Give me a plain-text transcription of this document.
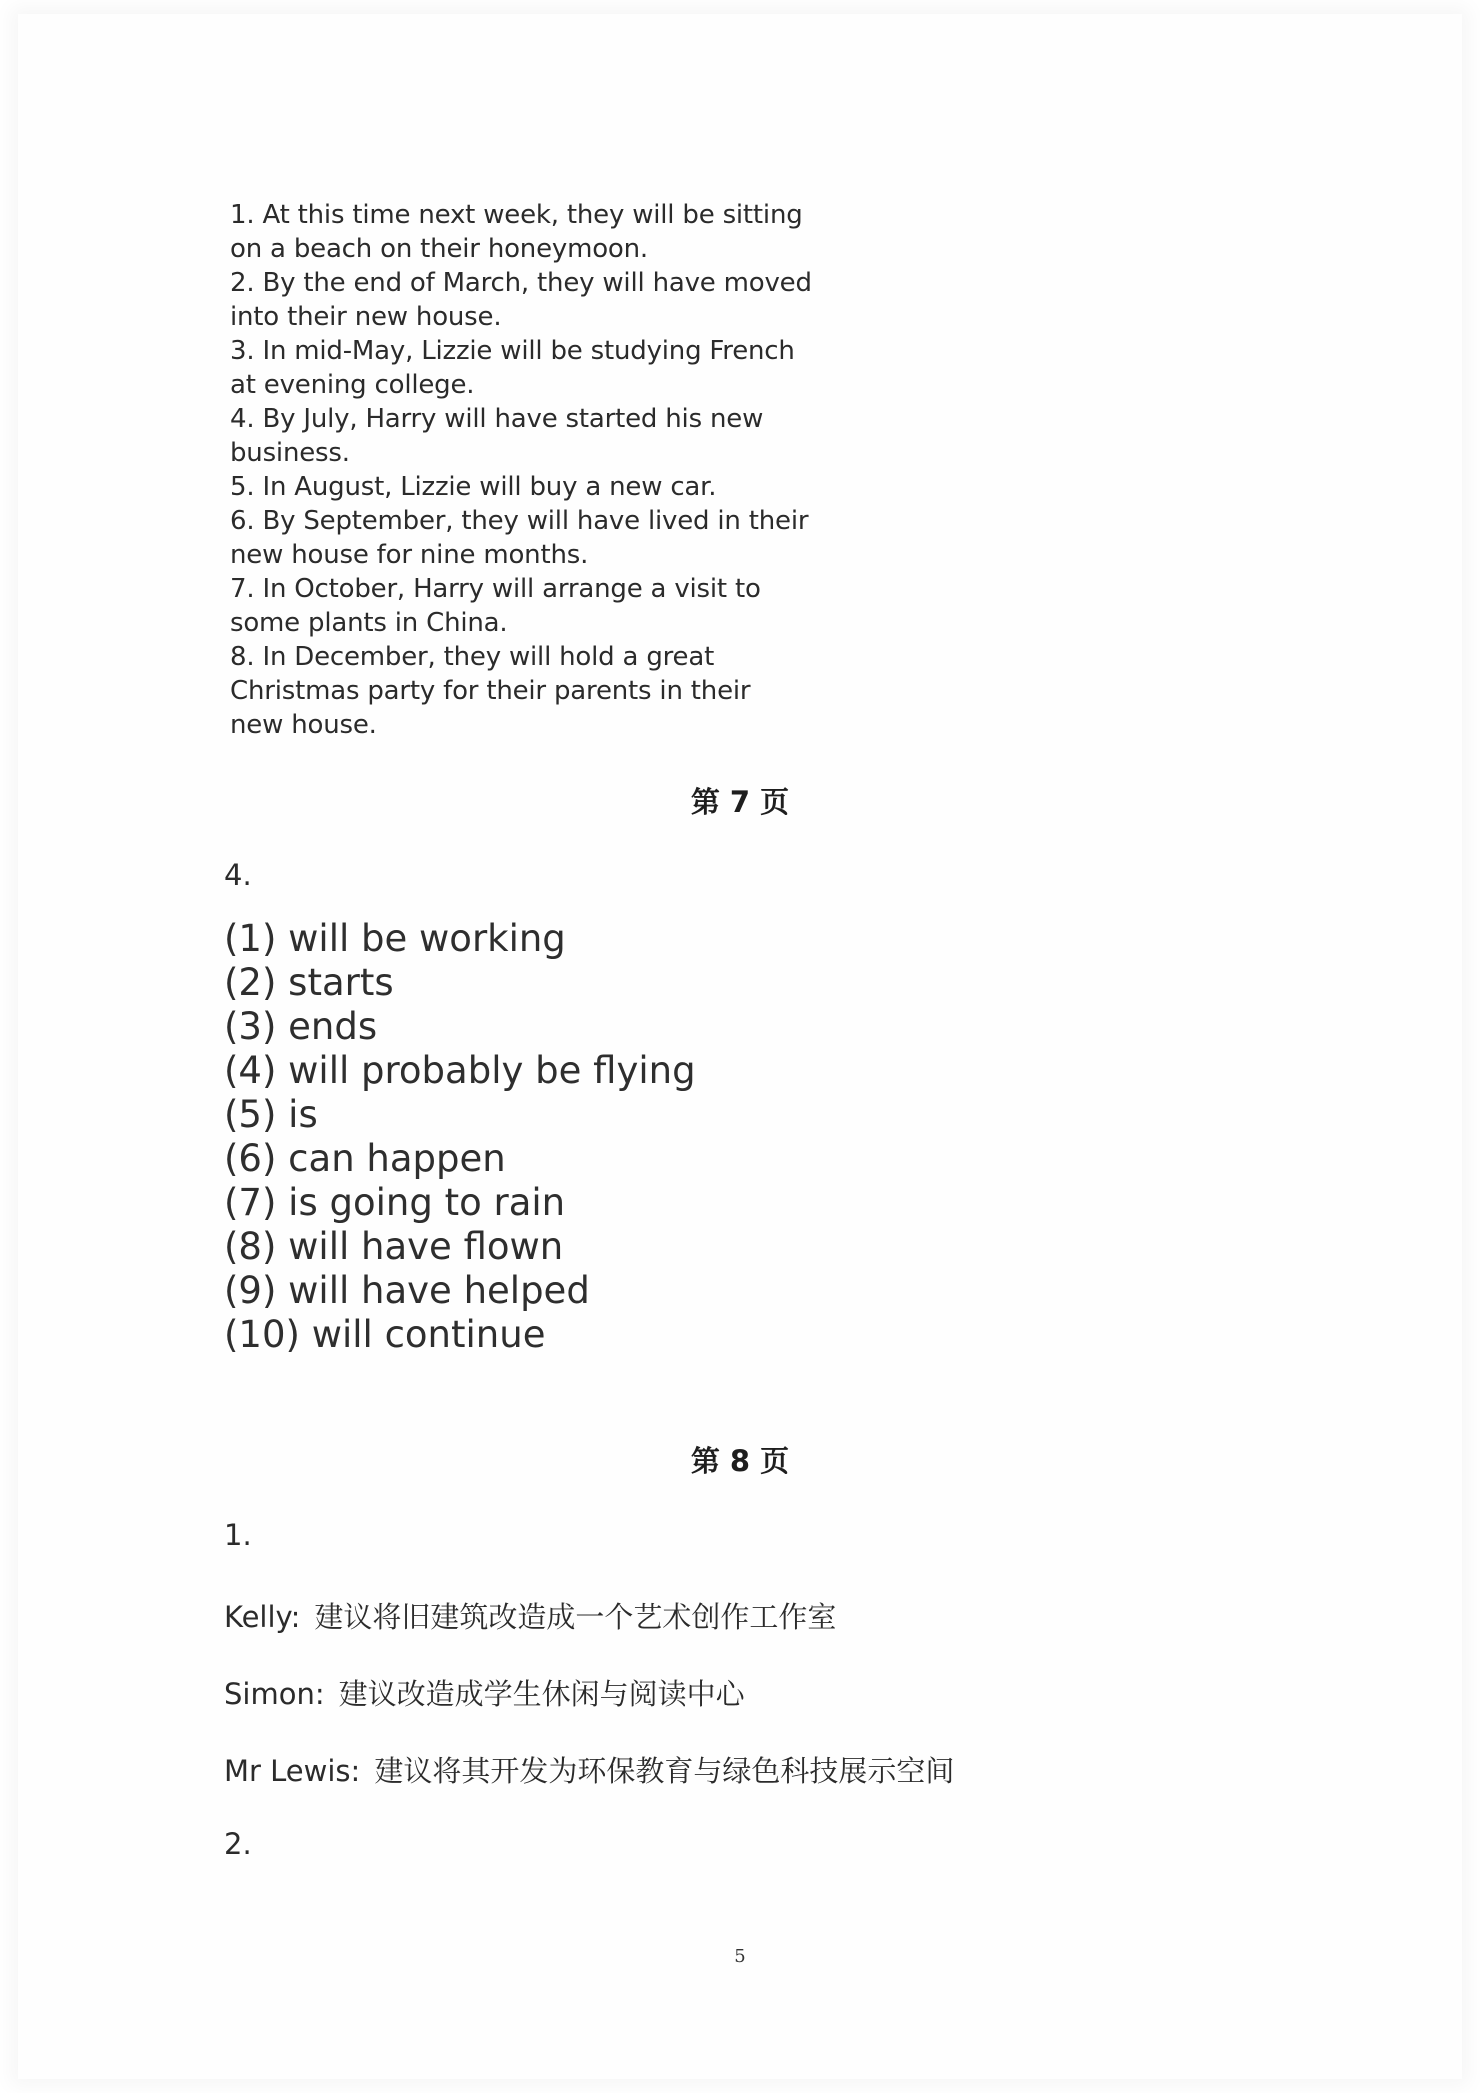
1. At this time next week, they will be sitting
on a beach on their honeymoon.

2. By the end of March, they will have moved
into their new house.

3. In mid-May, Lizzie will be studying French
at evening college.

4. By July, Harry will have started his new
business.

5. In August, Lizzie will buy a new car.

6. By September, they will have lived in their
new house for nine months.

7. In October, Harry will arrange a visit to
some plants in China.

8. In December, they will hold a great
Christmas party for their parents in their
new house.

第 7 页
4.
(1) will be working
(2) starts
(3) ends
(4) will probably be flying
(5) is
(6) can happen
(7) is going to rain
(8) will have flown
(9) will have helped
(10) will continue
第 8 页
1.
Kelly: 建议将旧建筑改造成一个艺术创作工作室
Simon: 建议改造成学生休闲与阅读中心
Mr Lewis: 建议将其开发为环保教育与绿色科技展示空间
2.
5
